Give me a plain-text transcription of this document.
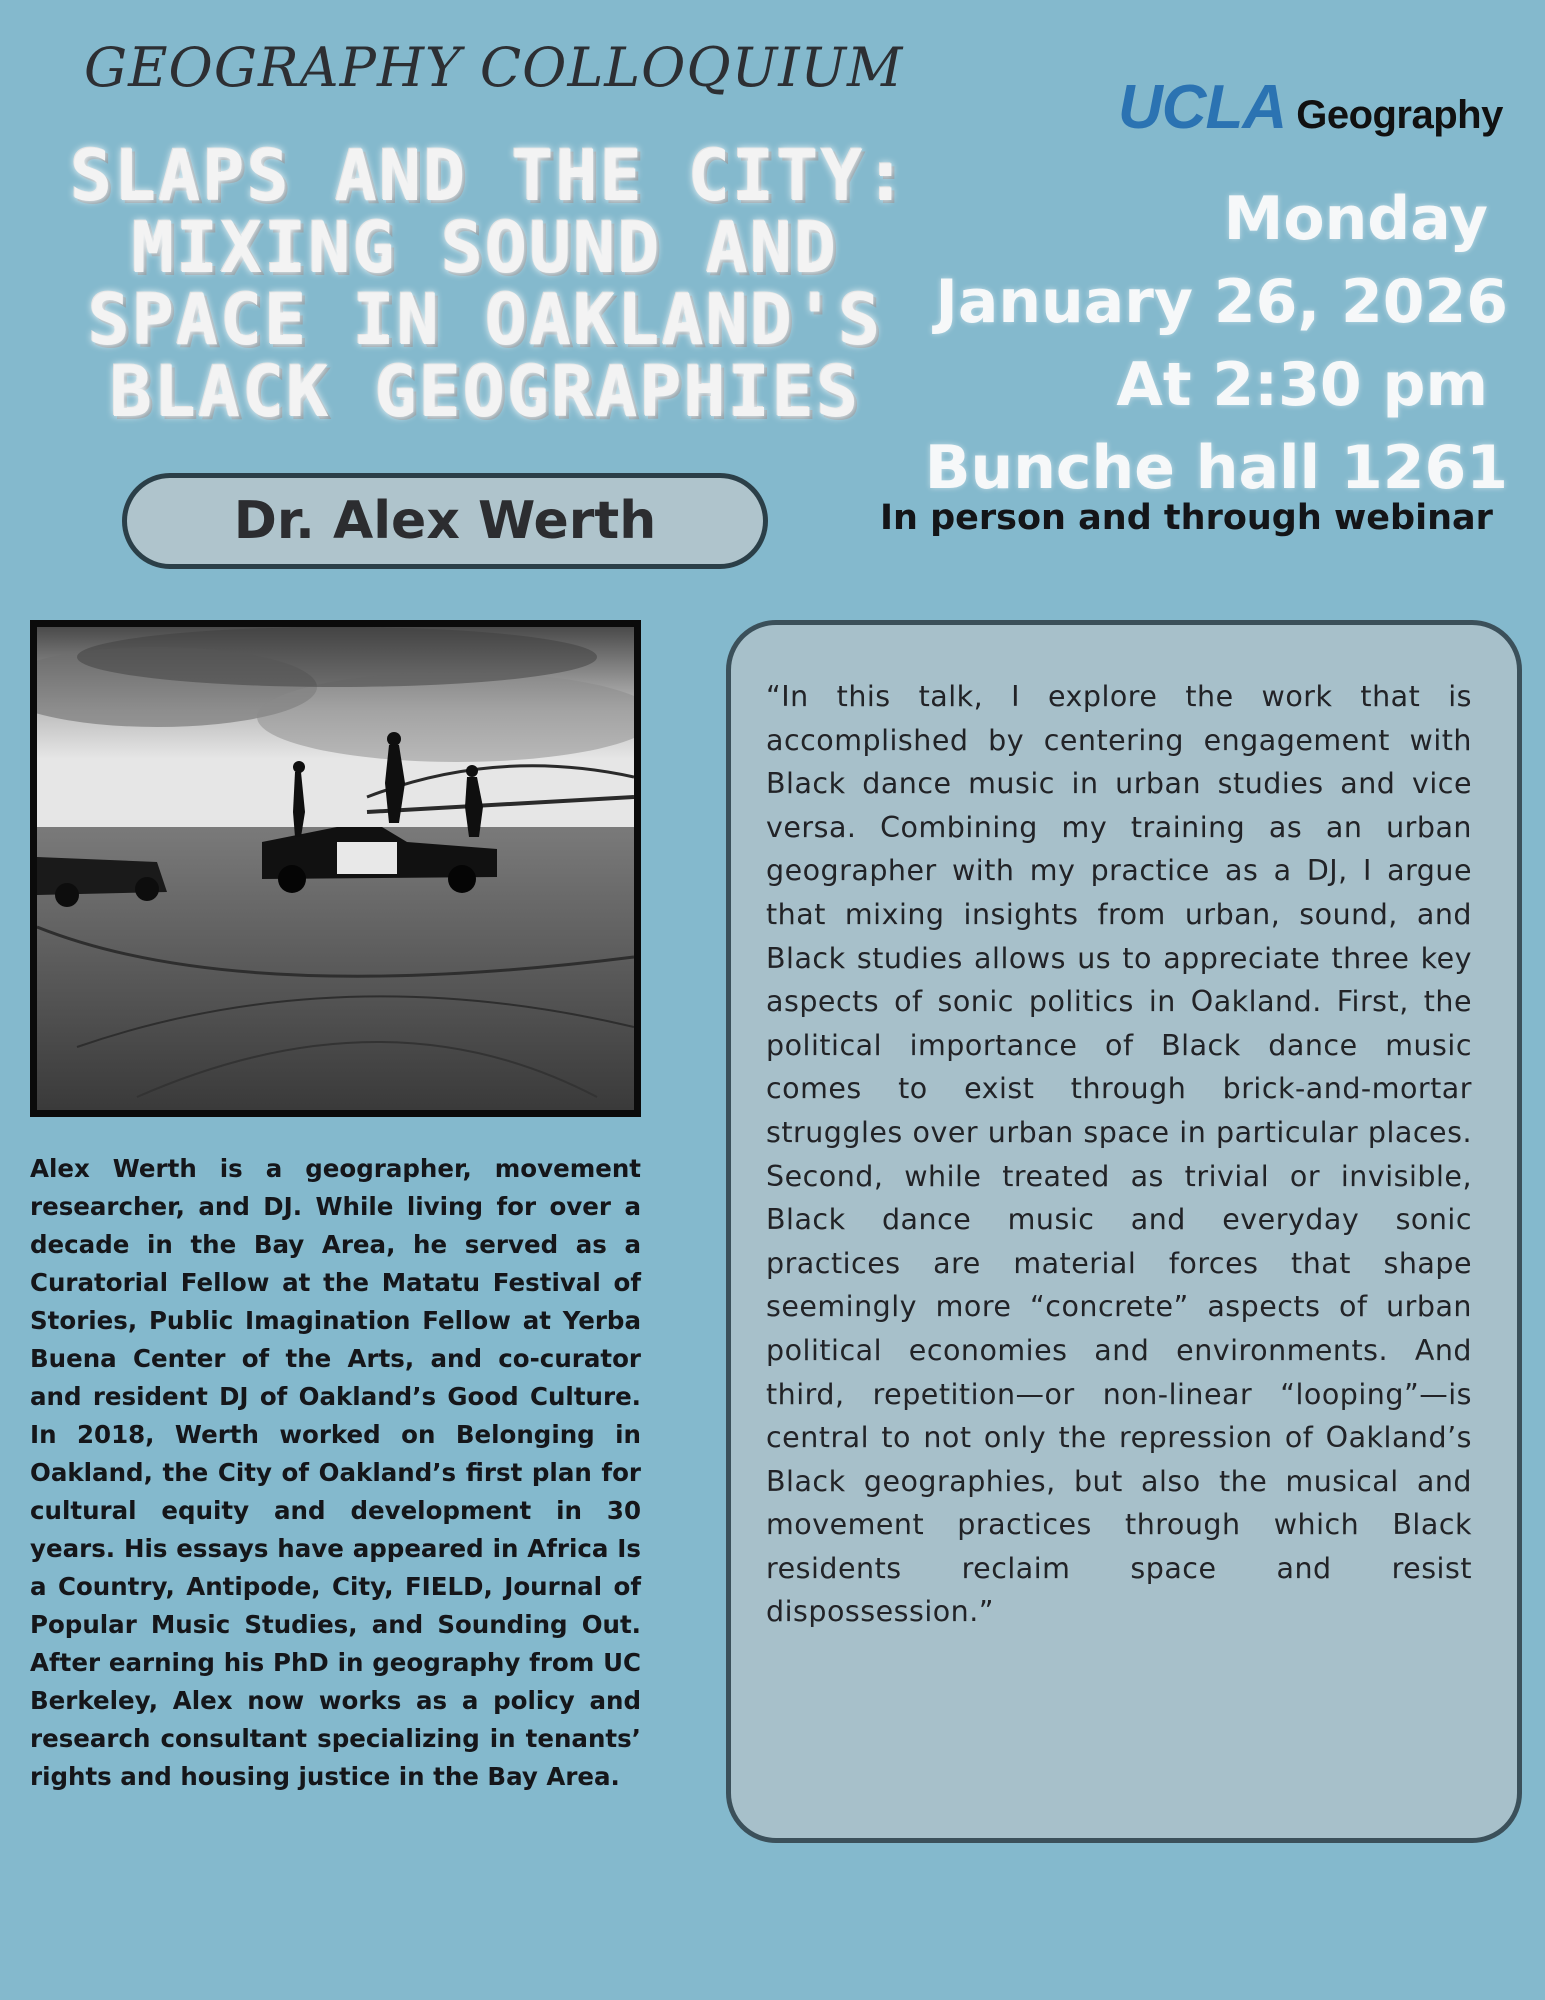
GEOGRAPHY COLLOQUIUM
UCLA Geography
SLAPS AND THE CITY:
MIXING SOUND AND
SPACE IN OAKLAND'S
BLACK GEOGRAPHIES
Monday
January 26, 2026
At 2:30 pm
Bunche hall 1261
In person and through webinar
Dr. Alex Werth
Alex Werth is a geographer, movement researcher, and DJ. While living for over a decade in the Bay Area, he served as a Curatorial Fellow at the Matatu Festival of Stories, Public Imagination Fellow at Yerba Buena Center of the Arts, and co-curator and resident DJ of Oakland’s Good Culture. In 2018, Werth worked on Belonging in Oakland, the City of Oakland’s first plan for cultural equity and development in 30 years. His essays have appeared in Africa Is a Country, Antipode, City, FIELD, Journal of Popular Music Studies, and Sounding Out. After earning his PhD in geography from UC Berkeley, Alex now works as a policy and research consultant specializing in tenants’ rights and housing justice in the Bay Area.
“In this talk, I explore the work that is accomplished by centering engagement with Black dance music in urban studies and vice versa. Combining my training as an urban geographer with my practice as a DJ, I argue that mixing insights from urban, sound, and Black studies allows us to appreciate three key aspects of sonic politics in Oakland. First, the political importance of Black dance music comes to exist through brick-and-mortar struggles over urban space in particular places. Second, while treated as trivial or invisible, Black dance music and everyday sonic practices are material forces that shape seemingly more “concrete” aspects of urban political economies and environments. And third, repetition—or non-linear “looping”—is central to not only the repression of Oakland’s Black geographies, but also the musical and movement practices through which Black residents reclaim space and resist dispossession.”
